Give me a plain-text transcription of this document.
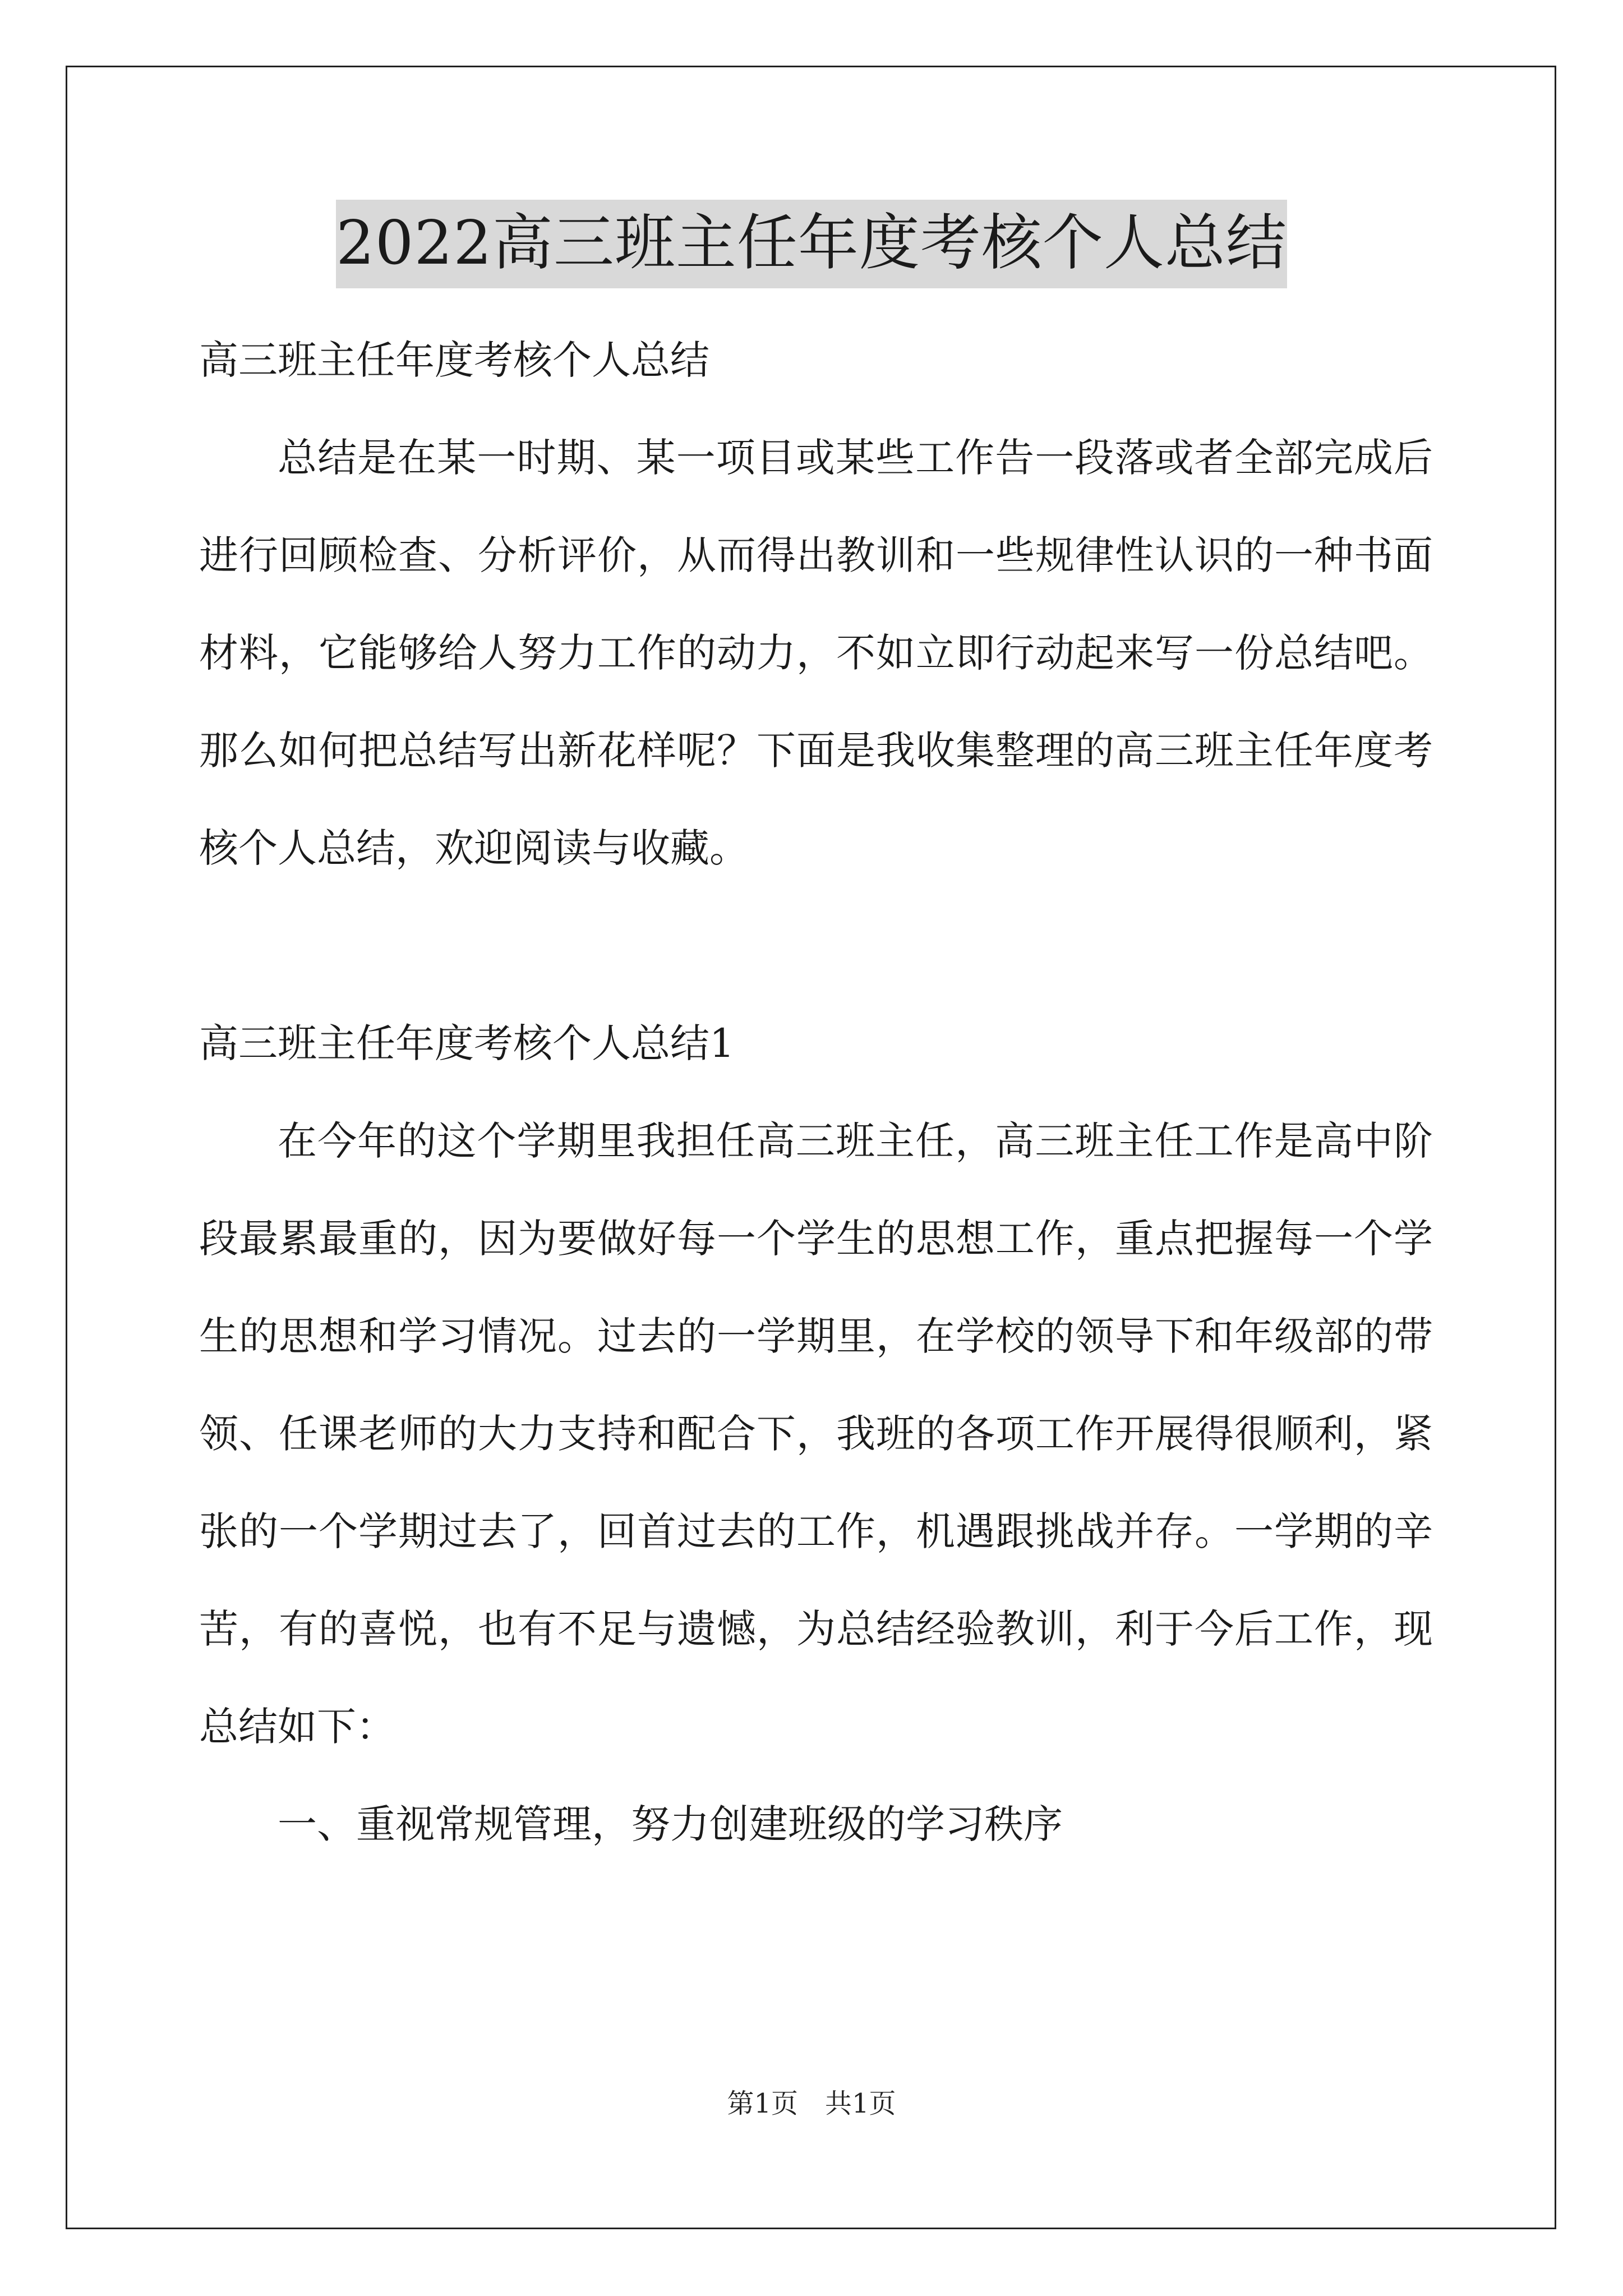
2022高三班主任年度考核个人总结

高三班主任年度考核个人总结

总结是在某一时期、某一项目或某些工作告一段落或者全部完成后进行回顾检查、分析评价，从而得出教训和一些规律性认识的一种书面材料，它能够给人努力工作的动力，不如立即行动起来写一份总结吧。那么如何把总结写出新花样呢？下面是我收集整理的高三班主任年度考核个人总结，欢迎阅读与收藏。

高三班主任年度考核个人总结1

在今年的这个学期里我担任高三班主任，高三班主任工作是高中阶段最累最重的，因为要做好每一个学生的思想工作，重点把握每一个学生的思想和学习情况。过去的一学期里，在学校的领导下和年级部的带领、任课老师的大力支持和配合下，我班的各项工作开展得很顺利，紧张的一个学期过去了，回首过去的工作，机遇跟挑战并存。一学期的辛苦，有的喜悦，也有不足与遗憾，为总结经验教训，利于今后工作，现总结如下：

一、重视常规管理，努力创建班级的学习秩序

第1页 共1页
